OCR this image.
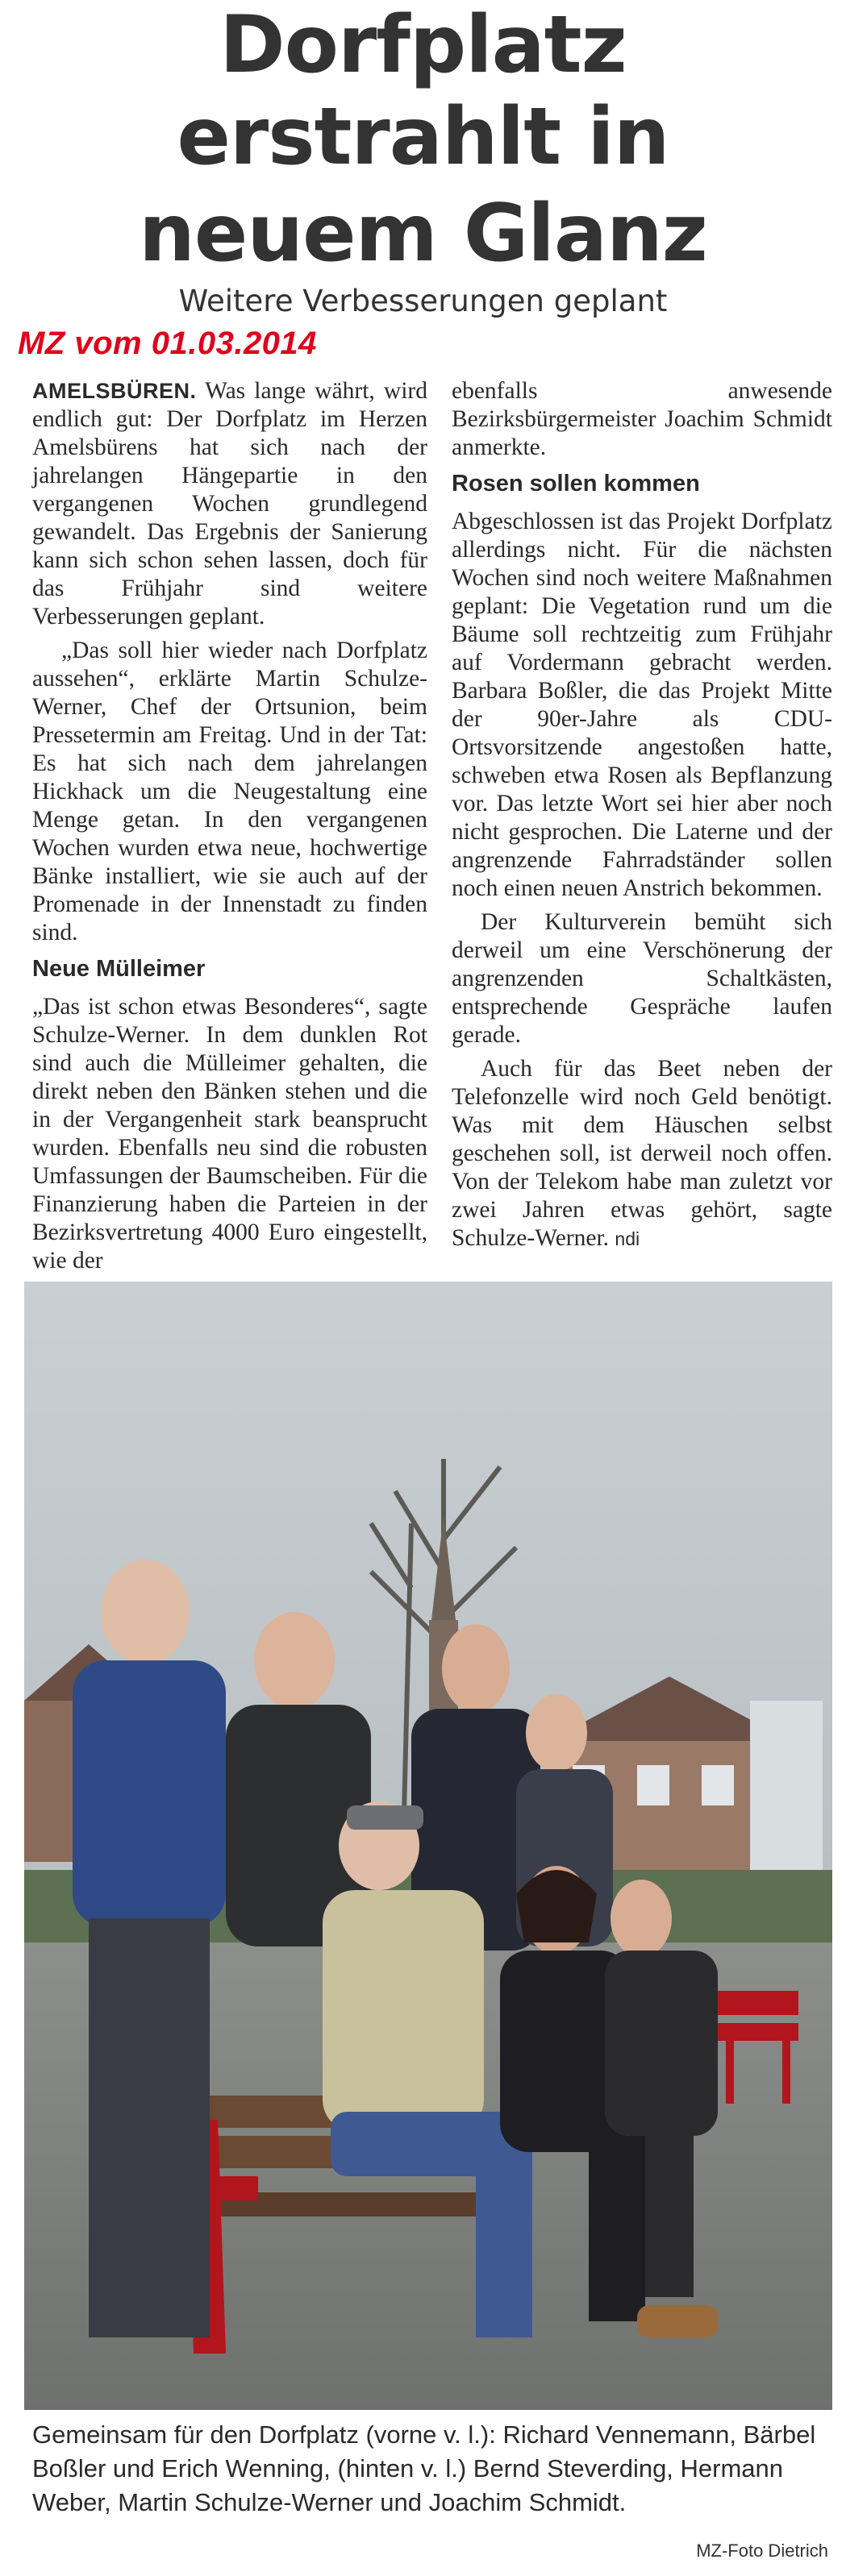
Dorfplatz
erstrahlt in
neuem Glanz
Weitere Verbesserungen geplant
MZ vom 01.03.2014

AMELSBÜREN. Was lange währt, wird endlich gut: Der Dorfplatz im Herzen Amelsbürens hat sich nach der jahrelangen Hängepartie in den vergangenen Wochen grundlegend gewandelt. Das Ergebnis der Sanierung kann sich schon sehen lassen, doch für das Frühjahr sind weitere Verbesserungen geplant.

„Das soll hier wieder nach Dorfplatz aussehen“, erklärte Martin Schulze-Werner, Chef der Ortsunion, beim Pressetermin am Freitag. Und in der Tat: Es hat sich nach dem jahrelangen Hickhack um die Neugestaltung eine Menge getan. In den vergangenen Wochen wurden etwa neue, hochwertige Bänke installiert, wie sie auch auf der Promenade in der Innenstadt zu finden sind.

Neue Mülleimer

„Das ist schon etwas Besonderes“, sagte Schulze-Werner. In dem dunklen Rot sind auch die Mülleimer gehalten, die direkt neben den Bänken stehen und die in der Vergangenheit stark beansprucht wurden. Ebenfalls neu sind die robusten Umfassungen der Baumscheiben. Für die Finanzierung haben die Parteien in der Bezirksvertretung 4000 Euro eingestellt, wie der

ebenfalls anwesende Bezirksbürgermeister Joachim Schmidt anmerkte.

Rosen sollen kommen

Abgeschlossen ist das Projekt Dorfplatz allerdings nicht. Für die nächsten Wochen sind noch weitere Maßnahmen geplant: Die Vegetation rund um die Bäume soll rechtzeitig zum Frühjahr auf Vordermann gebracht werden. Barbara Boßler, die das Projekt Mitte der 90er-Jahre als CDU-Ortsvorsitzende angestoßen hatte, schweben etwa Rosen als Bepflanzung vor. Das letzte Wort sei hier aber noch nicht gesprochen. Die Laterne und der angrenzende Fahrradständer sollen noch einen neuen Anstrich bekommen.

Der Kulturverein bemüht sich derweil um eine Verschönerung der angrenzenden Schaltkästen, entsprechende Gespräche laufen gerade.

Auch für das Beet neben der Telefonzelle wird noch Geld benötigt. Was mit dem Häuschen selbst geschehen soll, ist derweil noch offen. Von der Telekom habe man zuletzt vor zwei Jahren etwas gehört, sagte Schulze-Werner. ndi

Gemeinsam für den Dorfplatz (vorne v. l.): Richard Vennemann, Bärbel Boßler und Erich Wenning, (hinten v. l.) Bernd Steverding, Hermann Weber, Martin Schulze-Werner und Joachim Schmidt.
MZ-Foto Dietrich
